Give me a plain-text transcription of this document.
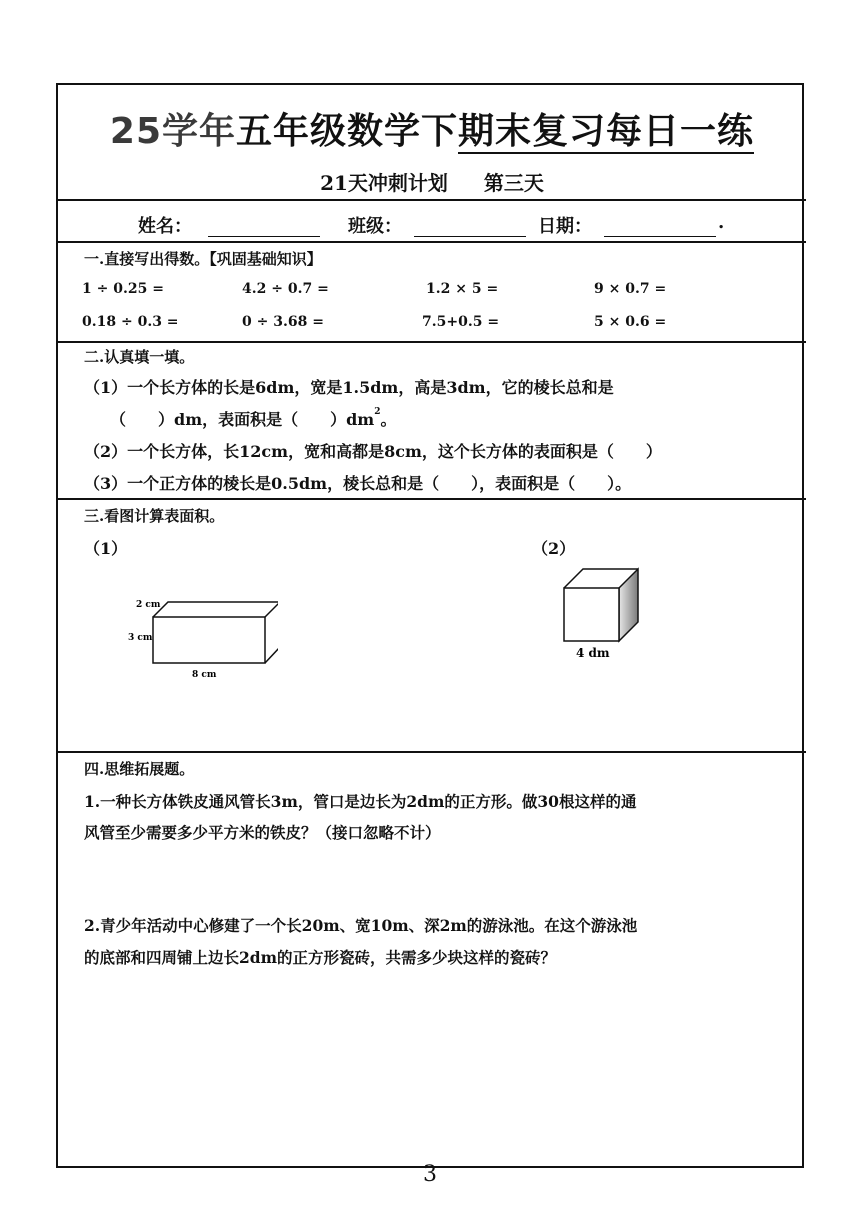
25学年五年级数学下期末复习每日一练
21天冲刺计划 第三天
姓名：	班级：	日期：	.
一.直接写出得数。【巩固基础知识】
1 ÷ 0.25 =	4.2 ÷ 0.7 =	1.2 × 5 =	9 × 0.7 =
0.18 ÷ 0.3 =	0 ÷ 3.68 =	7.5+0.5 =	5 × 0.6 =
二.认真填一填。
（1）一个长方体的长是6dm，宽是1.5dm，高是3dm，它的棱长总和是
（　　）dm，表面积是（　　）$dm^2$。
（2）一个长方体，长12cm，宽和高都是8cm，这个长方体的表面积是（　　）
（3）一个正方体的棱长是0.5dm，棱长总和是（　　），表面积是（　　）。
三.看图计算表面积。
（1）	（2）
2 cm
3 cm
8 cm
4 dm
四.思维拓展题。
1.一种长方体铁皮通风管长3m，管口是边长为2dm的正方形。做30根这样的通
风管至少需要多少平方米的铁皮？（接口忽略不计）
2.青少年活动中心修建了一个长20m、宽10m、深2m的游泳池。在这个游泳池
的底部和四周铺上边长2dm的正方形瓷砖，共需多少块这样的瓷砖？
3
